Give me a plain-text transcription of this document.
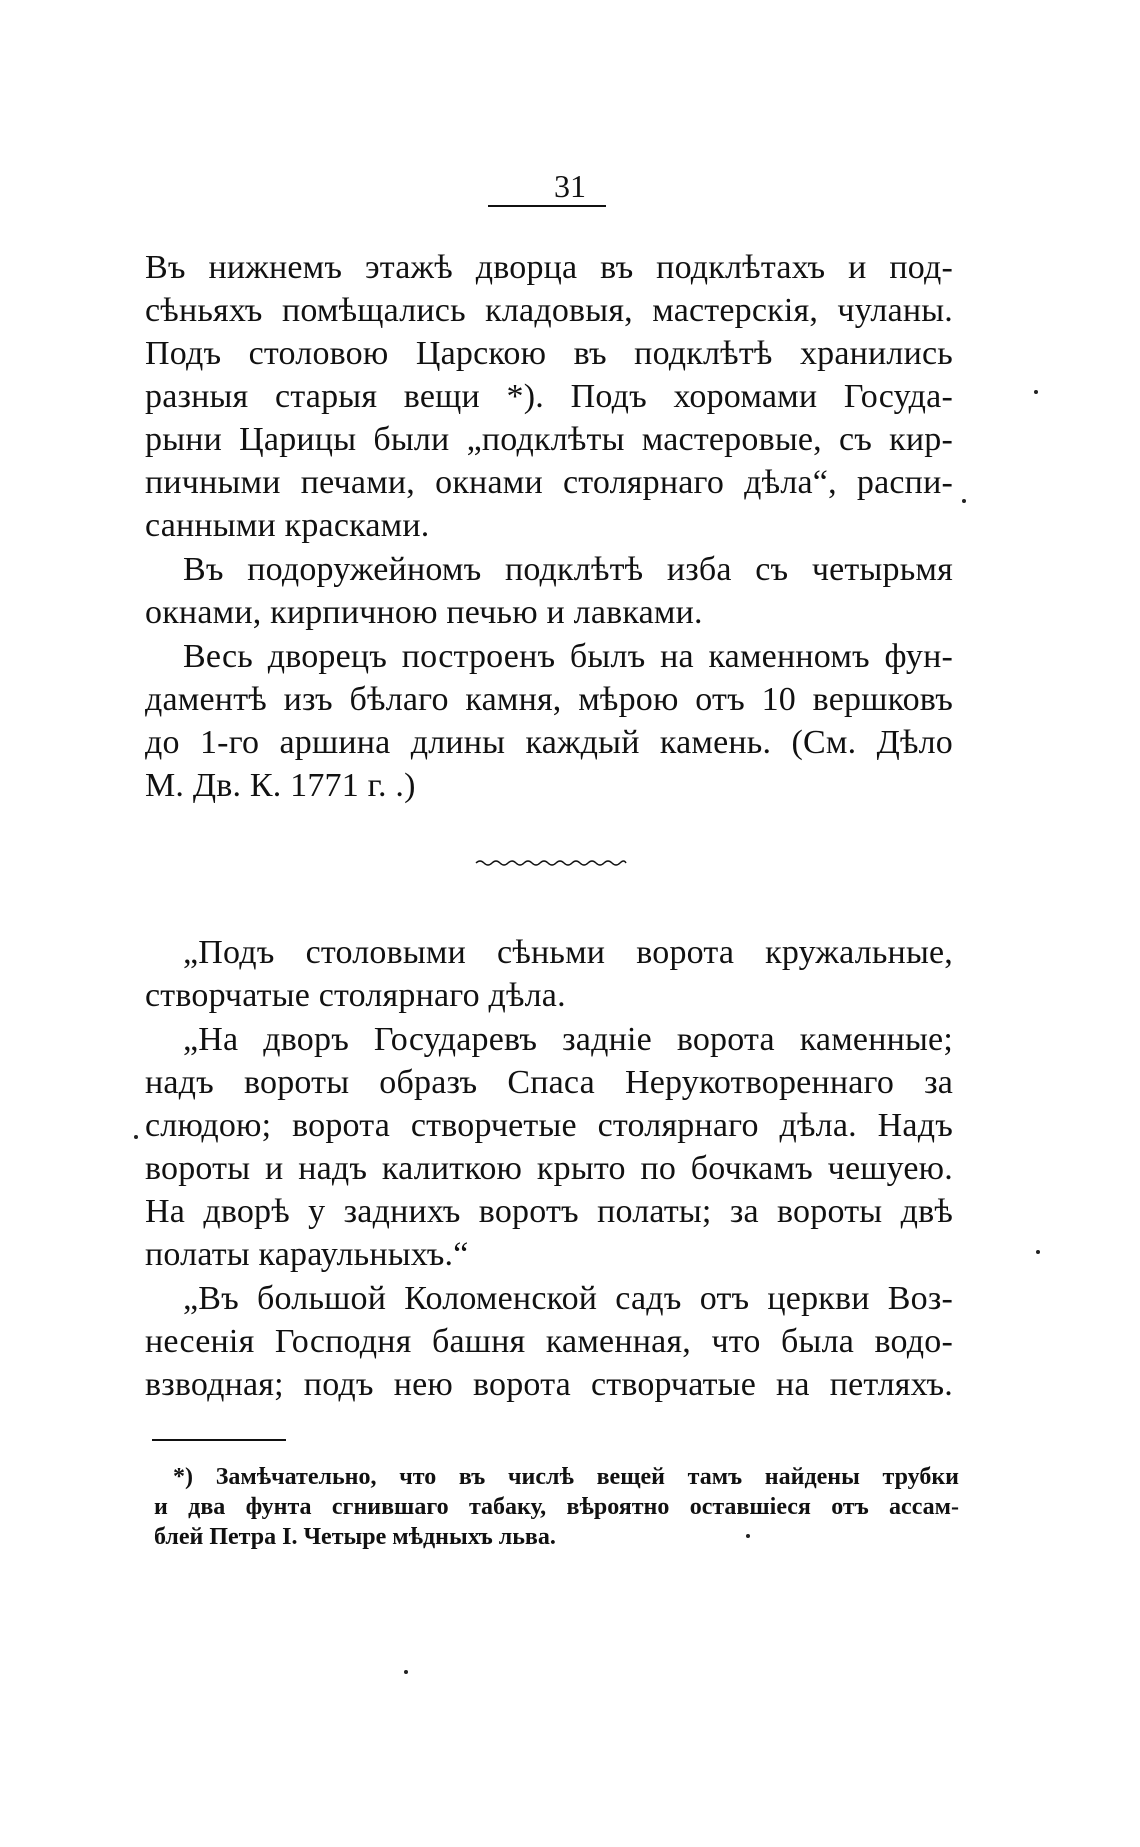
31
Въ нижнемъ этажѣ дворца въ подклѣтахъ и под-
сѣньяхъ помѣщались кладовыя, мастерскія, чуланы.
Подъ столовою Царскою въ подклѣтѣ хранились
разныя старыя вещи *). Подъ хоромами Госуда-
рыни Царицы были „подклѣты мастеровые, съ кир-
пичными печами, окнами столярнаго дѣла“, распи-
санными красками.
Въ подоружейномъ подклѣтѣ изба съ четырьмя
окнами, кирпичною печью и лавками.
Весь дворецъ построенъ былъ на каменномъ фун-
даментѣ изъ бѣлаго камня, мѣрою отъ 10 вершковъ
до 1-го аршина длины каждый камень. (См. Дѣло
М. Дв. К. 1771 г. .)
„Подъ столовыми сѣньми ворота кружальные,
створчатые столярнаго дѣла.
„На дворъ Государевъ задніе ворота каменные;
надъ вороты образъ Спаса Нерукотвореннаго за
слюдою; ворота створчетые столярнаго дѣла. Надъ
вороты и надъ калиткою крыто по бочкамъ чешуею.
На дворѣ у заднихъ воротъ полаты; за вороты двѣ
полаты караульныхъ.“
„Въ большой Коломенской садъ отъ церкви Воз-
несенія Господня башня каменная, что была водо-
взводная; подъ нею ворота створчатые на петляхъ.
*) Замѣчательно, что въ числѣ вещей тамъ найдены трубки
и два фунта сгнившаго табаку, вѣроятно оставшіеся отъ ассам-
блей Петра I. Четыре мѣдныхъ льва.
